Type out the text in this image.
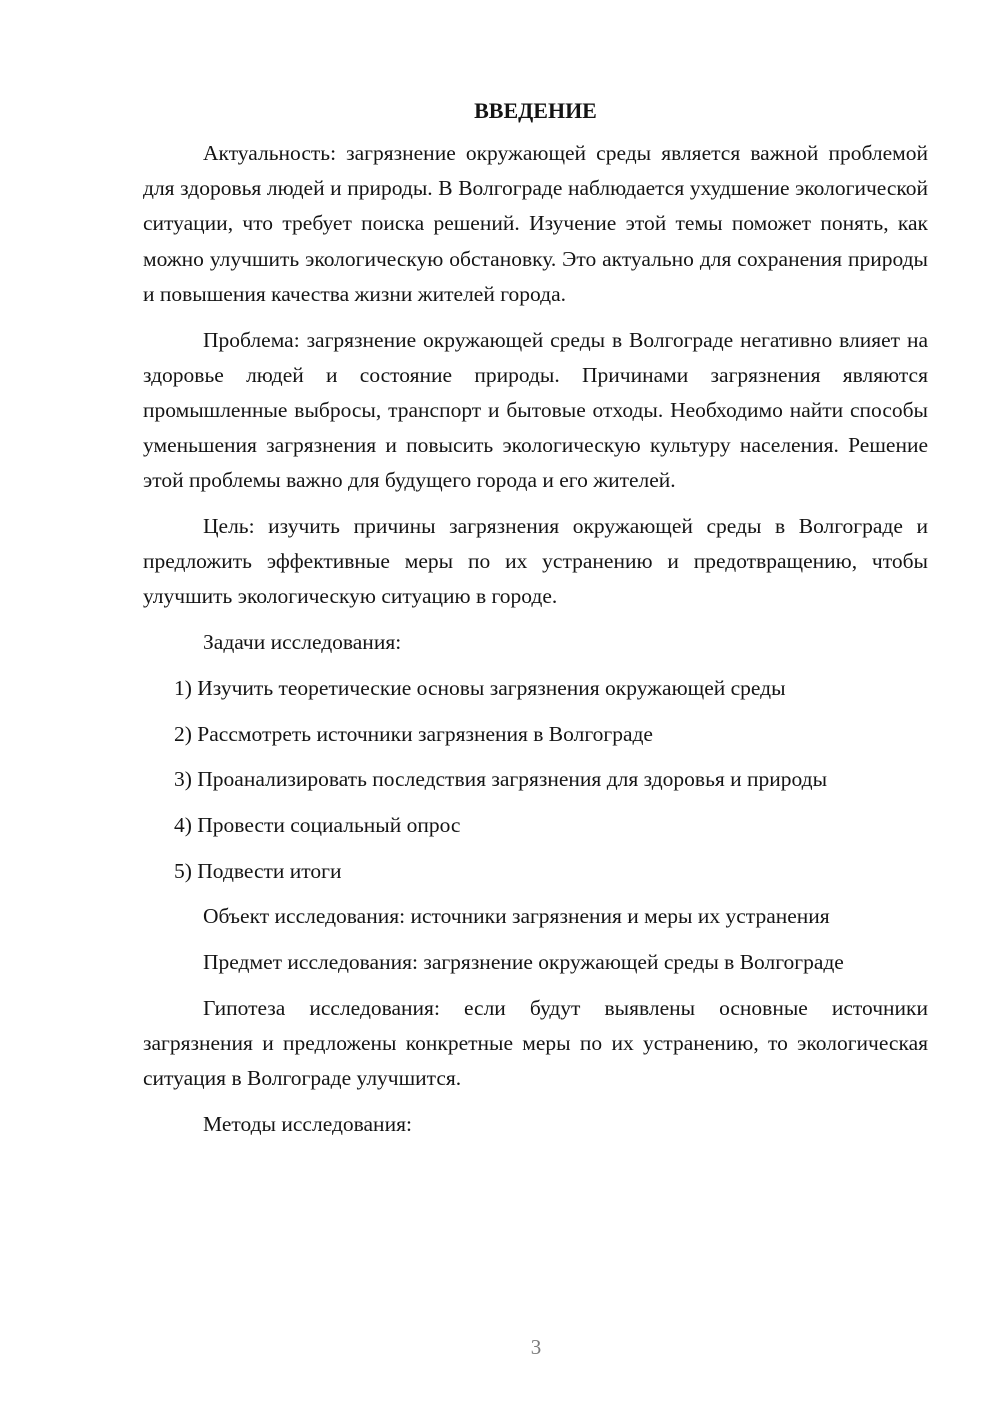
ВВЕДЕНИЕ

Актуальность: загрязнение окружающей среды является важной проблемой для здоровья людей и природы. В Волгограде наблюдается ухудшение экологической ситуации, что требует поиска решений. Изучение этой темы поможет понять, как можно улучшить экологическую обстановку. Это актуально для сохранения природы и повышения качества жизни жителей города.

Проблема: загрязнение окружающей среды в Волгограде негативно влияет на здоровье людей и состояние природы. Причинами загрязнения являются промышленные выбросы, транспорт и бытовые отходы. Необходимо найти способы уменьшения загрязнения и повысить экологическую культуру населения. Решение этой проблемы важно для будущего города и его жителей.

Цель: изучить причины загрязнения окружающей среды в Волгограде и предложить эффективные меры по их устранению и предотвращению, чтобы улучшить экологическую ситуацию в городе.

Задачи исследования:

1) Изучить теоретические основы загрязнения окружающей среды

2) Рассмотреть источники загрязнения в Волгограде

3) Проанализировать последствия загрязнения для здоровья и природы

4) Провести социальный опрос

5) Подвести итоги

Объект исследования: источники загрязнения и меры их устранения

Предмет исследования: загрязнение окружающей среды в Волгограде

Гипотеза исследования: если будут выявлены основные источники загрязнения и предложены конкретные меры по их устранению, то экологическая ситуация в Волгограде улучшится.

Методы исследования:

3
